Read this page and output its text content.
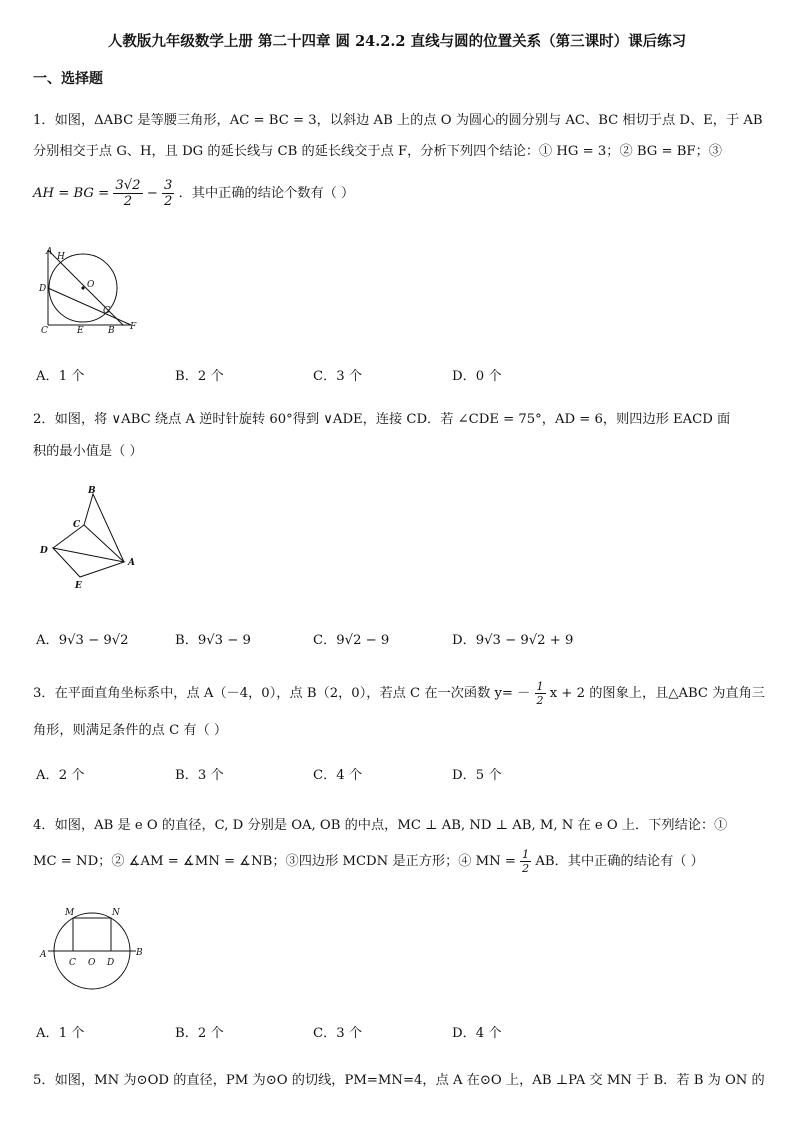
人教版九年级数学上册 第二十四章 圆 24.2.2 直线与圆的位置关系（第三课时）课后练习
一、选择题
1．如图，ΔABC 是等腰三角形，AC = BC = 3，以斜边 AB 上的点 O 为圆心的圆分别与 AC、BC 相切于点 D、E，于 AB
分别相交于点 G、H，且 DG 的延长线与 CB 的延长线交于点 F，分析下列四个结论：① HG = 3；② BG = BF；③
AH = BG = $\frac{3√2}{2} - \frac{3}{2}$ ．其中正确的结论个数有（ ）
A H
D	O
G
C	E	B F
A．1 个	B．2 个	C．3 个	D．0 个
2．如图，将 ∨ABC 绕点 A 逆时针旋转 60°得到 ∨ADE，连接 CD．若 ∠CDE = 75°，AD = 6，则四边形 EACD 面
积的最小值是（ ）
B
C
D
A
E
A．9√3 − 9√2	B．9√3 − 9	C．9√2 − 9	D．9√3 − 9√2 + 9
3．在平面直角坐标系中，点 A（－4，0），点 B（2，0），若点 C 在一次函数 $y= - \frac{1}{2}$ x + 2 的图象上，且△ABC 为直角三
角形，则满足条件的点 C 有（ ）
A．2 个	B．3 个	C．4 个	D．5 个
4．如图，AB 是 e O 的直径，C, D 分别是 OA, OB 的中点，MC ⊥ AB, ND ⊥ AB, M, N 在 e O 上．下列结论：①
MC = ND；② ∡AM = ∡MN = ∡NB；③四边形 MCDN 是正方形；④ MN = $\frac{1}{2}$ AB．其中正确的结论有（ ）
M	N
A
C O D
B
A．1 个	B．2 个	C．3 个	D．4 个
5．如图，MN 为⊙OD 的直径，PM 为⊙O 的切线，PM=MN=4，点 A 在⊙O 上，AB ⊥PA 交 MN 于 B．若 B 为 ON 的
